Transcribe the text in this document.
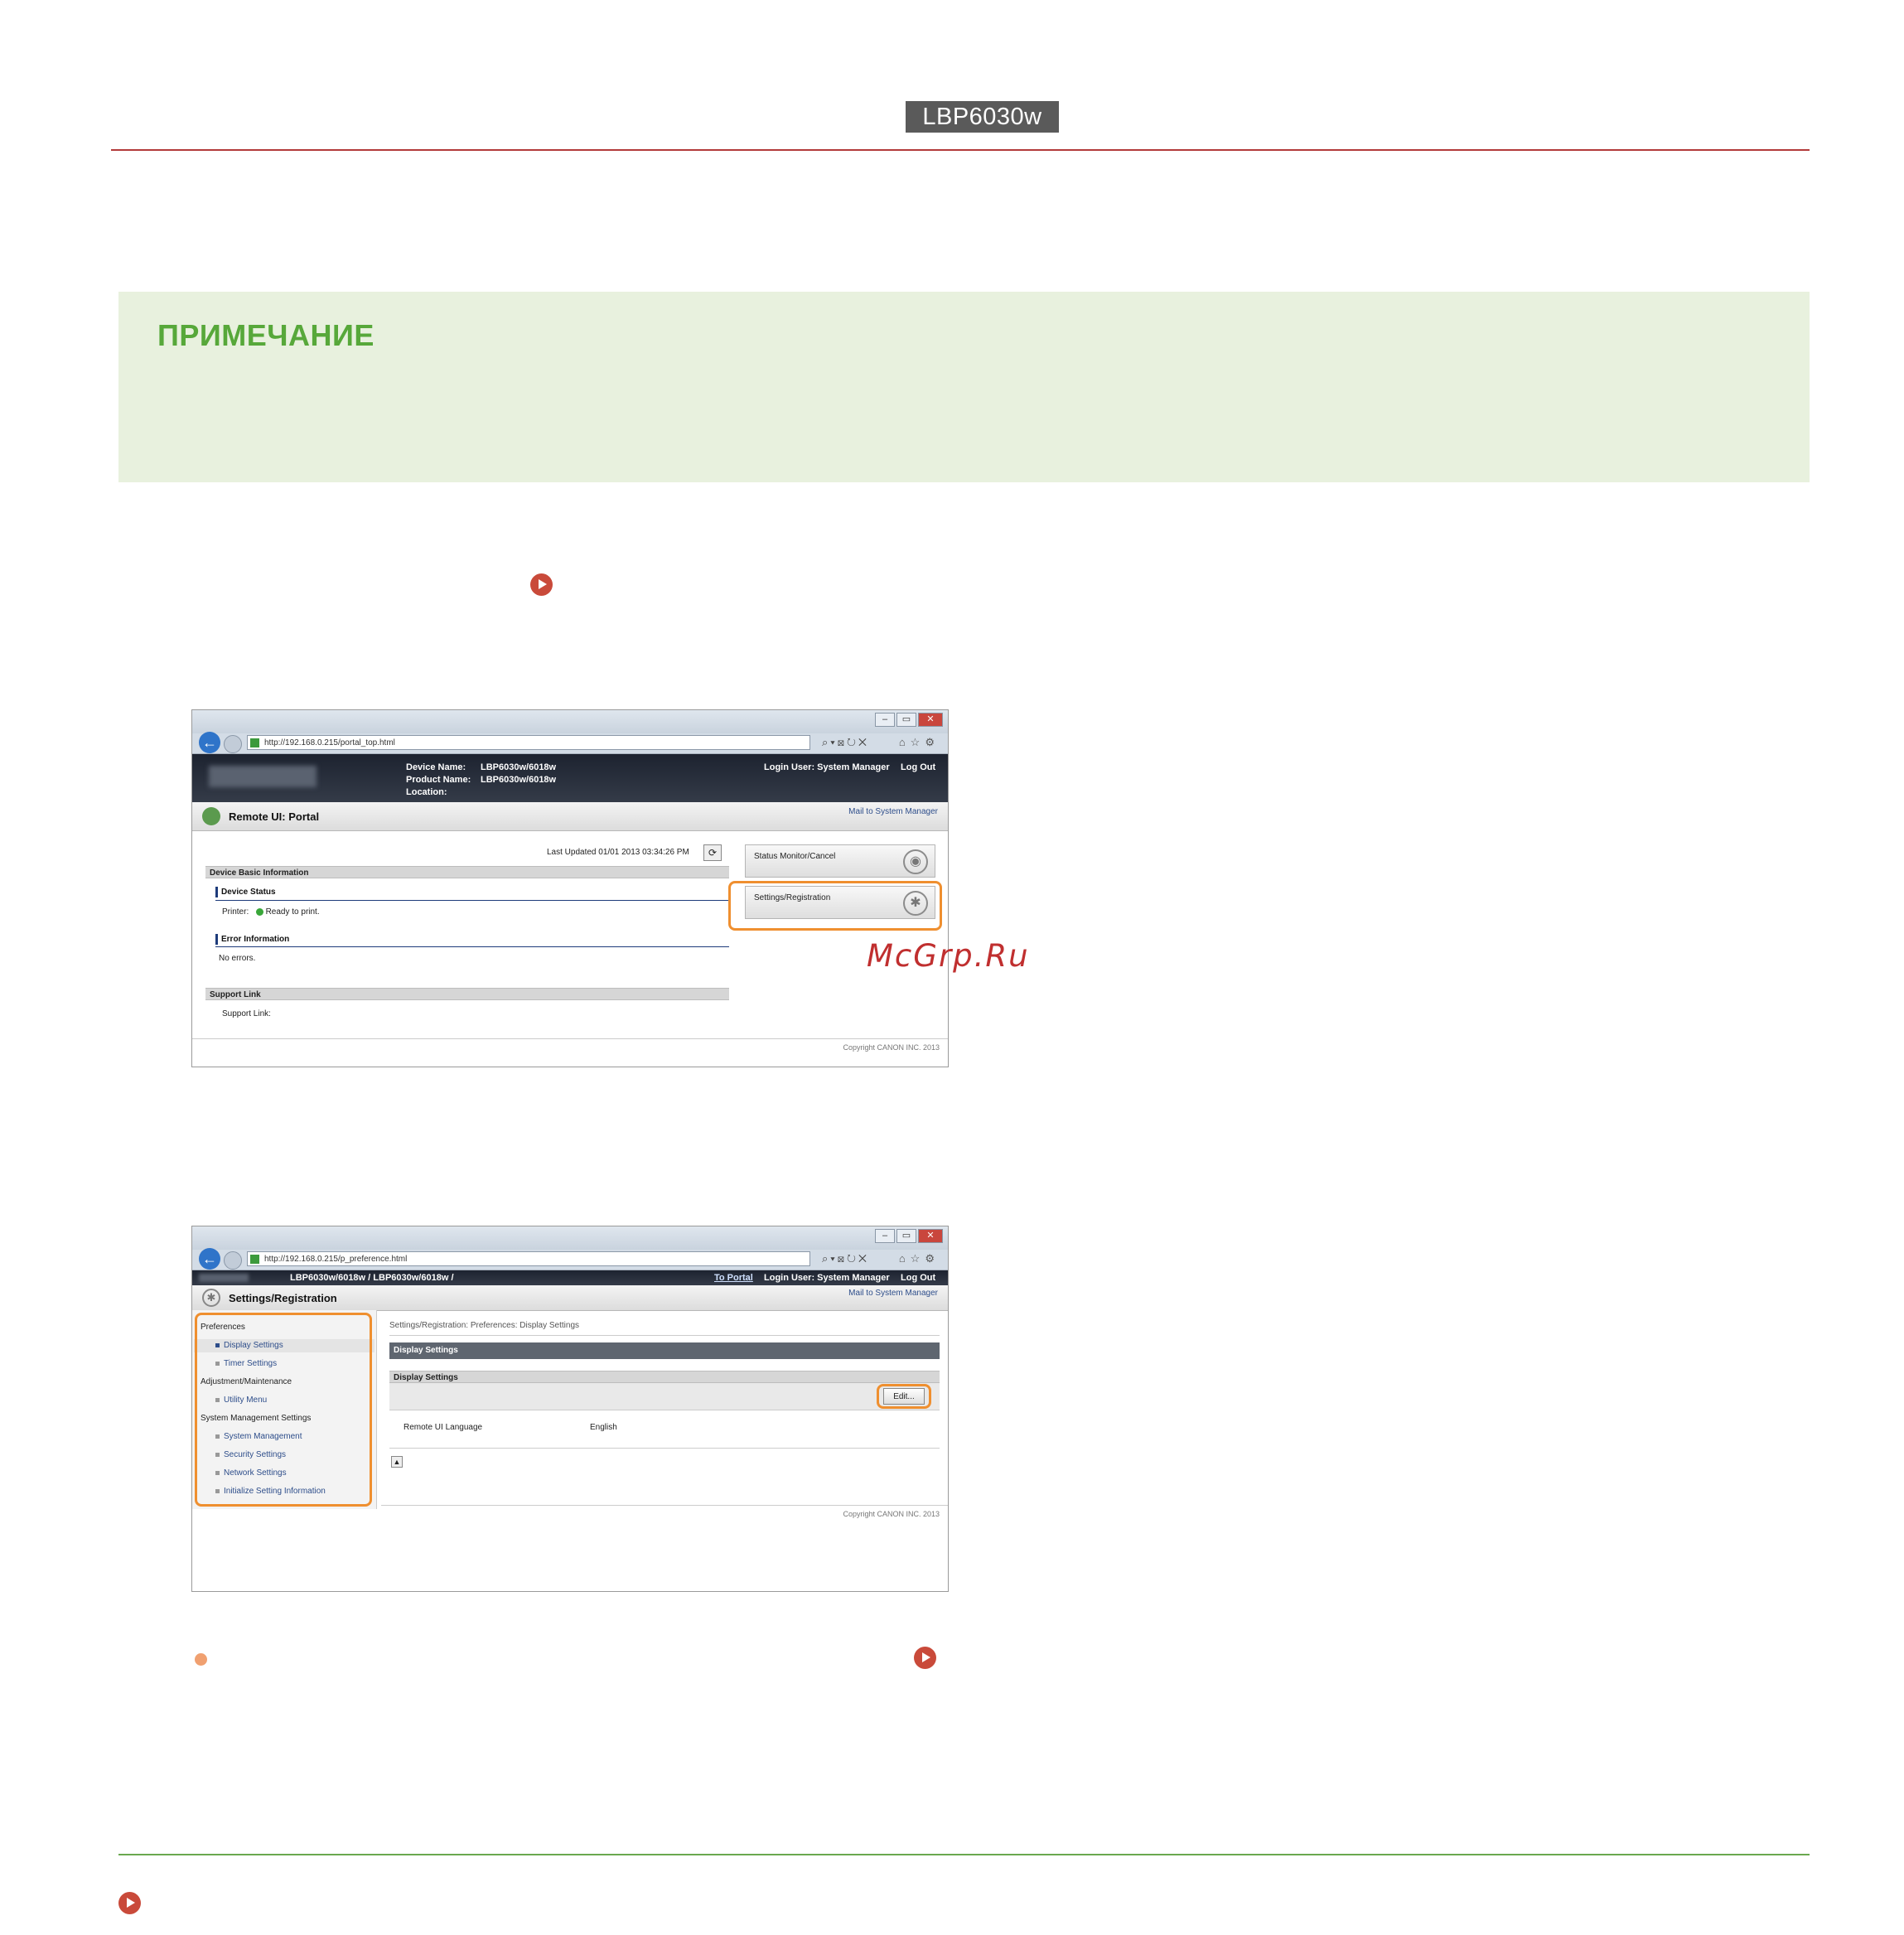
LBP6030w
ПРИМЕЧАНИЕ
–	▭	✕
←	http://192.168.0.215/portal_top.html	⌕▾⊠↻✕	⌂☆⚙
Device Name: LBP6030w/6018w
Product Name: LBP6030w/6018w
Location:
Login User: System Manager Log Out
Remote UI: Portal	Mail to System Manager
Last Updated 01/01 2013 03:34:26 PM	⟳
Device Basic Information
Device Status
Printer: Ready to print.
Error Information
No errors.
Support Link
Support Link:
Status Monitor/Cancel	◉
Settings/Registration	✱
Copyright CANON INC. 2013
McGrp.Ru
–	▭	✕
←	http://192.168.0.215/p_preference.html	⌕▾⊠↻✕	⌂☆⚙
LBP6030w/6018w / LBP6030w/6018w /	To Portal Login User: System Manager Log Out
✱	Settings/Registration	Mail to System Manager
Preferences
Display Settings
Timer Settings
Adjustment/Maintenance
Utility Menu
System Management Settings
System Management
Security Settings
Network Settings
Initialize Setting Information
Settings/Registration: Preferences: Display Settings
Display Settings
Display Settings
Edit...
Remote UI Language	English
▲
Copyright CANON INC. 2013
